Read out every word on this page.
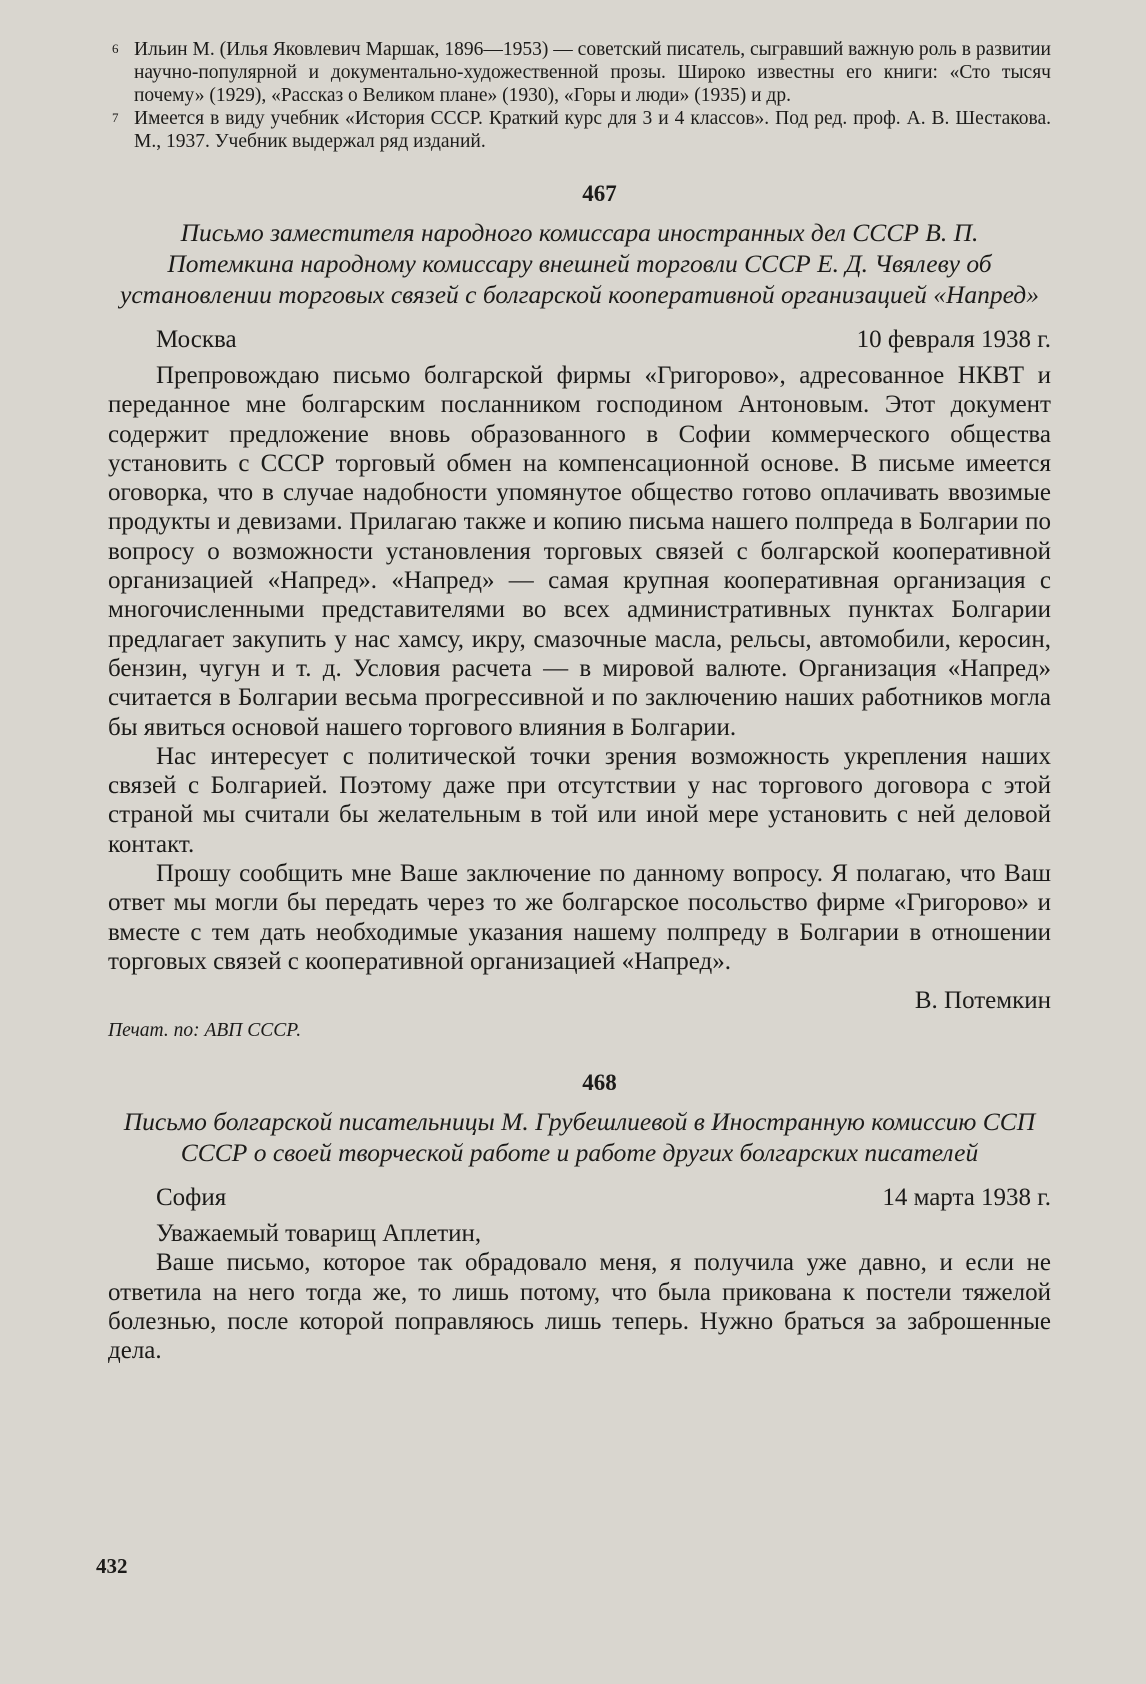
6 Ильин М. (Илья Яковлевич Маршак, 1896—1953) — советский писатель, сыгравший важную роль в развитии научно-популярной и документально-художественной прозы. Широко известны его книги: «Сто тысяч почему» (1929), «Рассказ о Великом плане» (1930), «Горы и люди» (1935) и др.
7 Имеется в виду учебник «История СССР. Краткий курс для 3 и 4 классов». Под ред. проф. А. В. Шестакова. М., 1937. Учебник выдержал ряд изданий.
467
Письмо заместителя народного комиссара иностранных дел СССР В. П. Потемкина народному комиссару внешней торговли СССР Е. Д. Чвялеву об установлении торговых связей с болгарской кооперативной организацией «Напред»
Москва	10 февраля 1938 г.

Препровождаю письмо болгарской фирмы «Григорово», адресованное НКВТ и переданное мне болгарским посланником господином Антоновым. Этот документ содержит предложение вновь образованного в Софии коммерческого общества установить с СССР торговый обмен на компенсационной основе. В письме имеется оговорка, что в случае надобности упомянутое общество готово оплачивать ввозимые продукты и девизами. Прилагаю также и копию письма нашего полпреда в Болгарии по вопросу о возможности установления торговых связей с болгарской кооперативной организацией «Напред». «Напред» — самая крупная кооперативная организация с многочисленными представителями во всех административных пунктах Болгарии предлагает закупить у нас хамсу, икру, смазочные масла, рельсы, автомобили, керосин, бензин, чугун и т. д. Условия расчета — в мировой валюте. Организация «Напред» считается в Болгарии весьма прогрессивной и по заключению наших работников могла бы явиться основой нашего торгового влияния в Болгарии.

Нас интересует с политической точки зрения возможность укрепления наших связей с Болгарией. Поэтому даже при отсутствии у нас торгового договора с этой страной мы считали бы желательным в той или иной мере установить с ней деловой контакт.

Прошу сообщить мне Ваше заключение по данному вопросу. Я полагаю, что Ваш ответ мы могли бы передать через то же болгарское посольство фирме «Григорово» и вместе с тем дать необходимые указания нашему полпреду в Болгарии в отношении торговых связей с кооперативной организацией «Напред».

В. Потемкин
Печат. по: АВП СССР.
468
Письмо болгарской писательницы М. Грубешлиевой в Иностранную комиссию ССП СССР о своей творческой работе и работе других болгарских писателей
София	14 марта 1938 г.
Уважаемый товарищ Аплетин,

Ваше письмо, которое так обрадовало меня, я получила уже давно, и если не ответила на него тогда же, то лишь потому, что была прикована к постели тяжелой болезнью, после которой поправляюсь лишь теперь. Нужно браться за заброшенные дела.

432
